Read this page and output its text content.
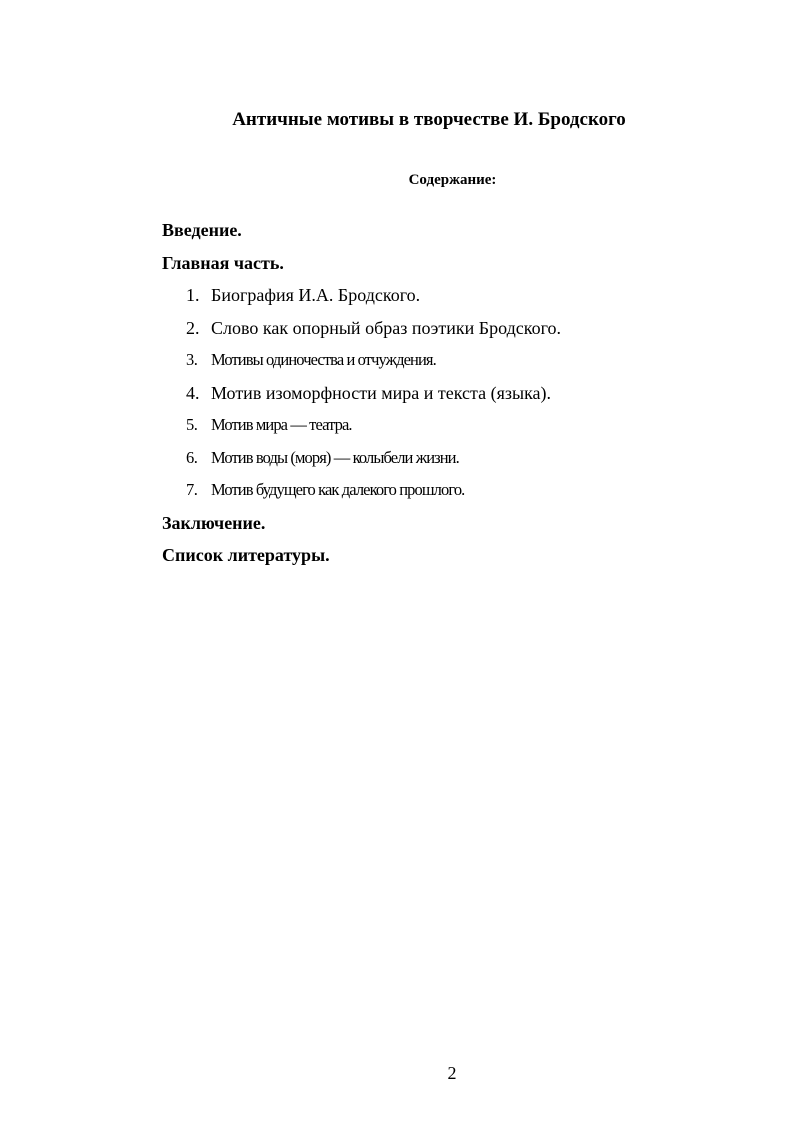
Античные мотивы в творчестве И. Бродского
Содержание:
Введение.
Главная часть.
1. Биография И.А. Бродского.
2. Слово как опорный образ поэтики Бродского.
3. Мотивы одиночества и отчуждения.
4. Мотив изоморфности мира и текста (языка).
5. Мотив мира — театра.
6. Мотив воды (моря) — колыбели жизни.
7. Мотив будущего как далекого прошлого.
Заключение.
Список литературы.
2
